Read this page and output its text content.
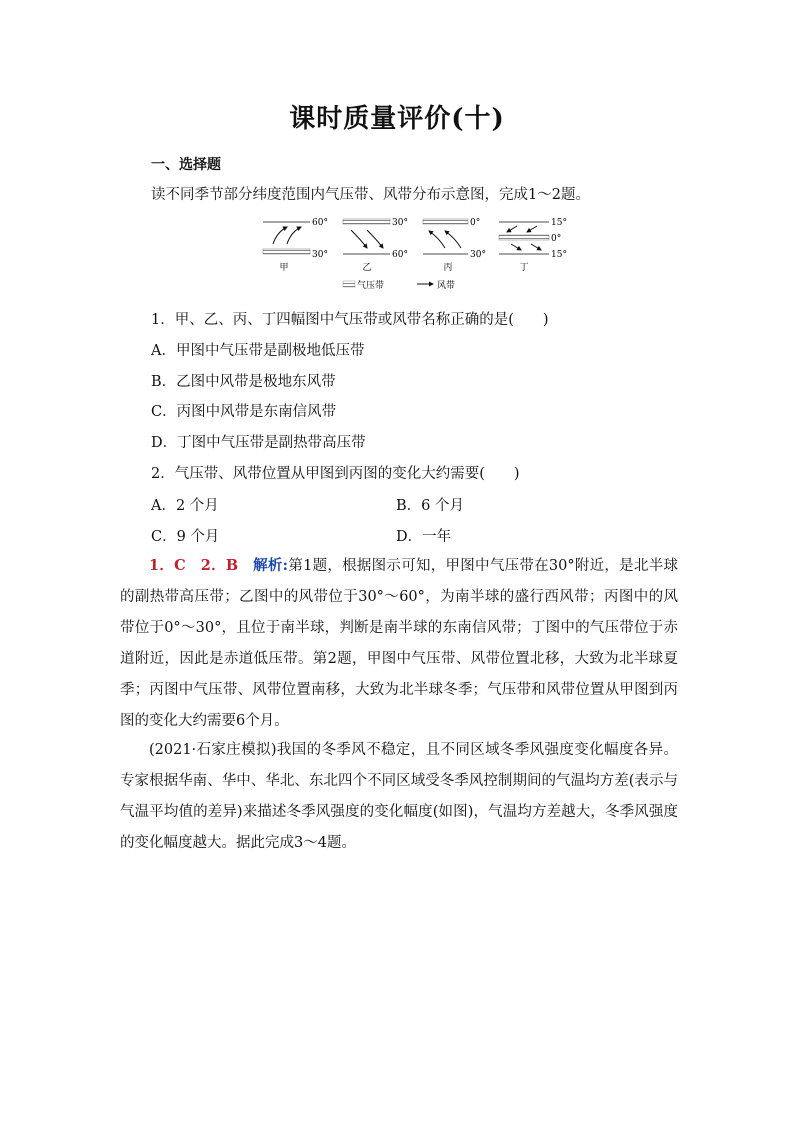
课时质量评价(十)
一、选择题
读不同季节部分纬度范围内气压带、风带分布示意图，完成1～2题。
60°
30°
甲
30°
60°
乙
0°
30°
丙
15°
0°
15°
丁
气压带	风带
1．甲、乙、丙、丁四幅图中气压带或风带名称正确的是(　　)
A．甲图中气压带是副极地低压带
B．乙图中风带是极地东风带
C．丙图中风带是东南信风带
D．丁图中气压带是副热带高压带
2．气压带、风带位置从甲图到丙图的变化大约需要(　　)
A．2 个月	B．6 个月
C．9 个月	D．一年
1．C　2．B　解析:第1题，根据图示可知，甲图中气压带在30°附近，是北半球的副热带高压带；乙图中的风带位于30°～60°，为南半球的盛行西风带；丙图中的风带位于0°～30°，且位于南半球，判断是南半球的东南信风带；丁图中的气压带位于赤道附近，因此是赤道低压带。第2题，甲图中气压带、风带位置北移，大致为北半球夏季；丙图中气压带、风带位置南移，大致为北半球冬季；气压带和风带位置从甲图到丙图的变化大约需要6个月。
(2021·石家庄模拟)我国的冬季风不稳定，且不同区域冬季风强度变化幅度各异。专家根据华南、华中、华北、东北四个不同区域受冬季风控制期间的气温均方差(表示与气温平均值的差异)来描述冬季风强度的变化幅度(如图)，气温均方差越大，冬季风强度的变化幅度越大。据此完成3～4题。
